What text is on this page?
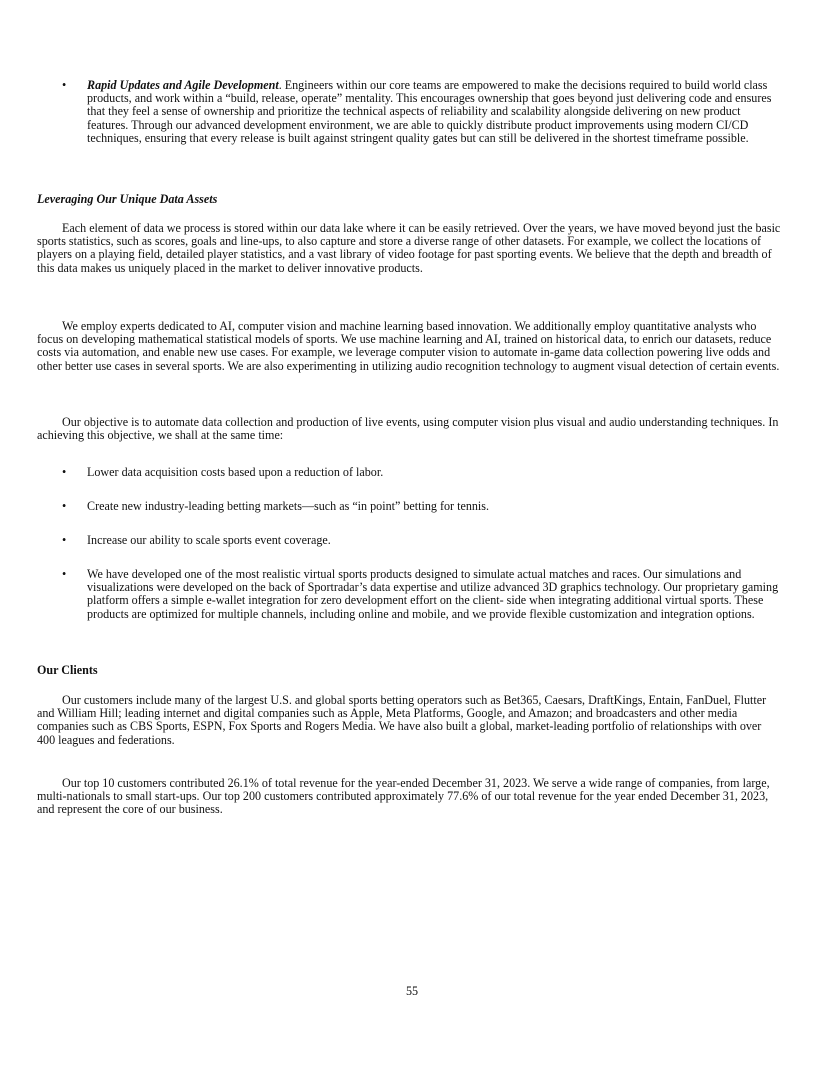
•	Rapid Updates and Agile Development. Engineers within our core teams are empowered to make the decisions required to build world class products, and work within a “build, release, operate” mentality. This encourages ownership that goes beyond just delivering code and ensures that they feel a sense of ownership and prioritize the technical aspects of reliability and scalability alongside delivering on new product features. Through our advanced development environment, we are able to quickly distribute product improvements using modern CI/CD techniques, ensuring that every release is built against stringent quality gates but can still be delivered in the shortest timeframe possible.

Leveraging Our Unique Data Assets

Each element of data we process is stored within our data lake where it can be easily retrieved. Over the years, we have moved beyond just the basic sports statistics, such as scores, goals and line-ups, to also capture and store a diverse range of other datasets. For example, we collect the locations of players on a playing field, detailed player statistics, and a vast library of video footage for past sporting events. We believe that the depth and breadth of this data makes us uniquely placed in the market to deliver innovative products.

We employ experts dedicated to AI, computer vision and machine learning based innovation. We additionally employ quantitative analysts who focus on developing mathematical statistical models of sports. We use machine learning and AI, trained on historical data, to enrich our datasets, reduce costs via automation, and enable new use cases. For example, we leverage computer vision to automate in-game data collection powering live odds and other better use cases in several sports. We are also experimenting in utilizing audio recognition technology to augment visual detection of certain events.

Our objective is to automate data collection and production of live events, using computer vision plus visual and audio understanding techniques. In achieving this objective, we shall at the same time:

•	Lower data acquisition costs based upon a reduction of labor.

•	Create new industry-leading betting markets—such as “in point” betting for tennis.

•	Increase our ability to scale sports event coverage.

•	We have developed one of the most realistic virtual sports products designed to simulate actual matches and races. Our simulations and visualizations were developed on the back of Sportradar’s data expertise and utilize advanced 3D graphics technology. Our proprietary gaming platform offers a simple e-wallet integration for zero development effort on the client- side when integrating additional virtual sports. These products are optimized for multiple channels, including online and mobile, and we provide flexible customization and integration options.

Our Clients

Our customers include many of the largest U.S. and global sports betting operators such as Bet365, Caesars, DraftKings, Entain, FanDuel, Flutter and William Hill; leading internet and digital companies such as Apple, Meta Platforms, Google, and Amazon; and broadcasters and other media companies such as CBS Sports, ESPN, Fox Sports and Rogers Media. We have also built a global, market-leading portfolio of relationships with over 400 leagues and federations.

Our top 10 customers contributed 26.1% of total revenue for the year-ended December 31, 2023. We serve a wide range of companies, from large, multi-nationals to small start-ups. Our top 200 customers contributed approximately 77.6% of our total revenue for the year ended December 31, 2023, and represent the core of our business.

55
